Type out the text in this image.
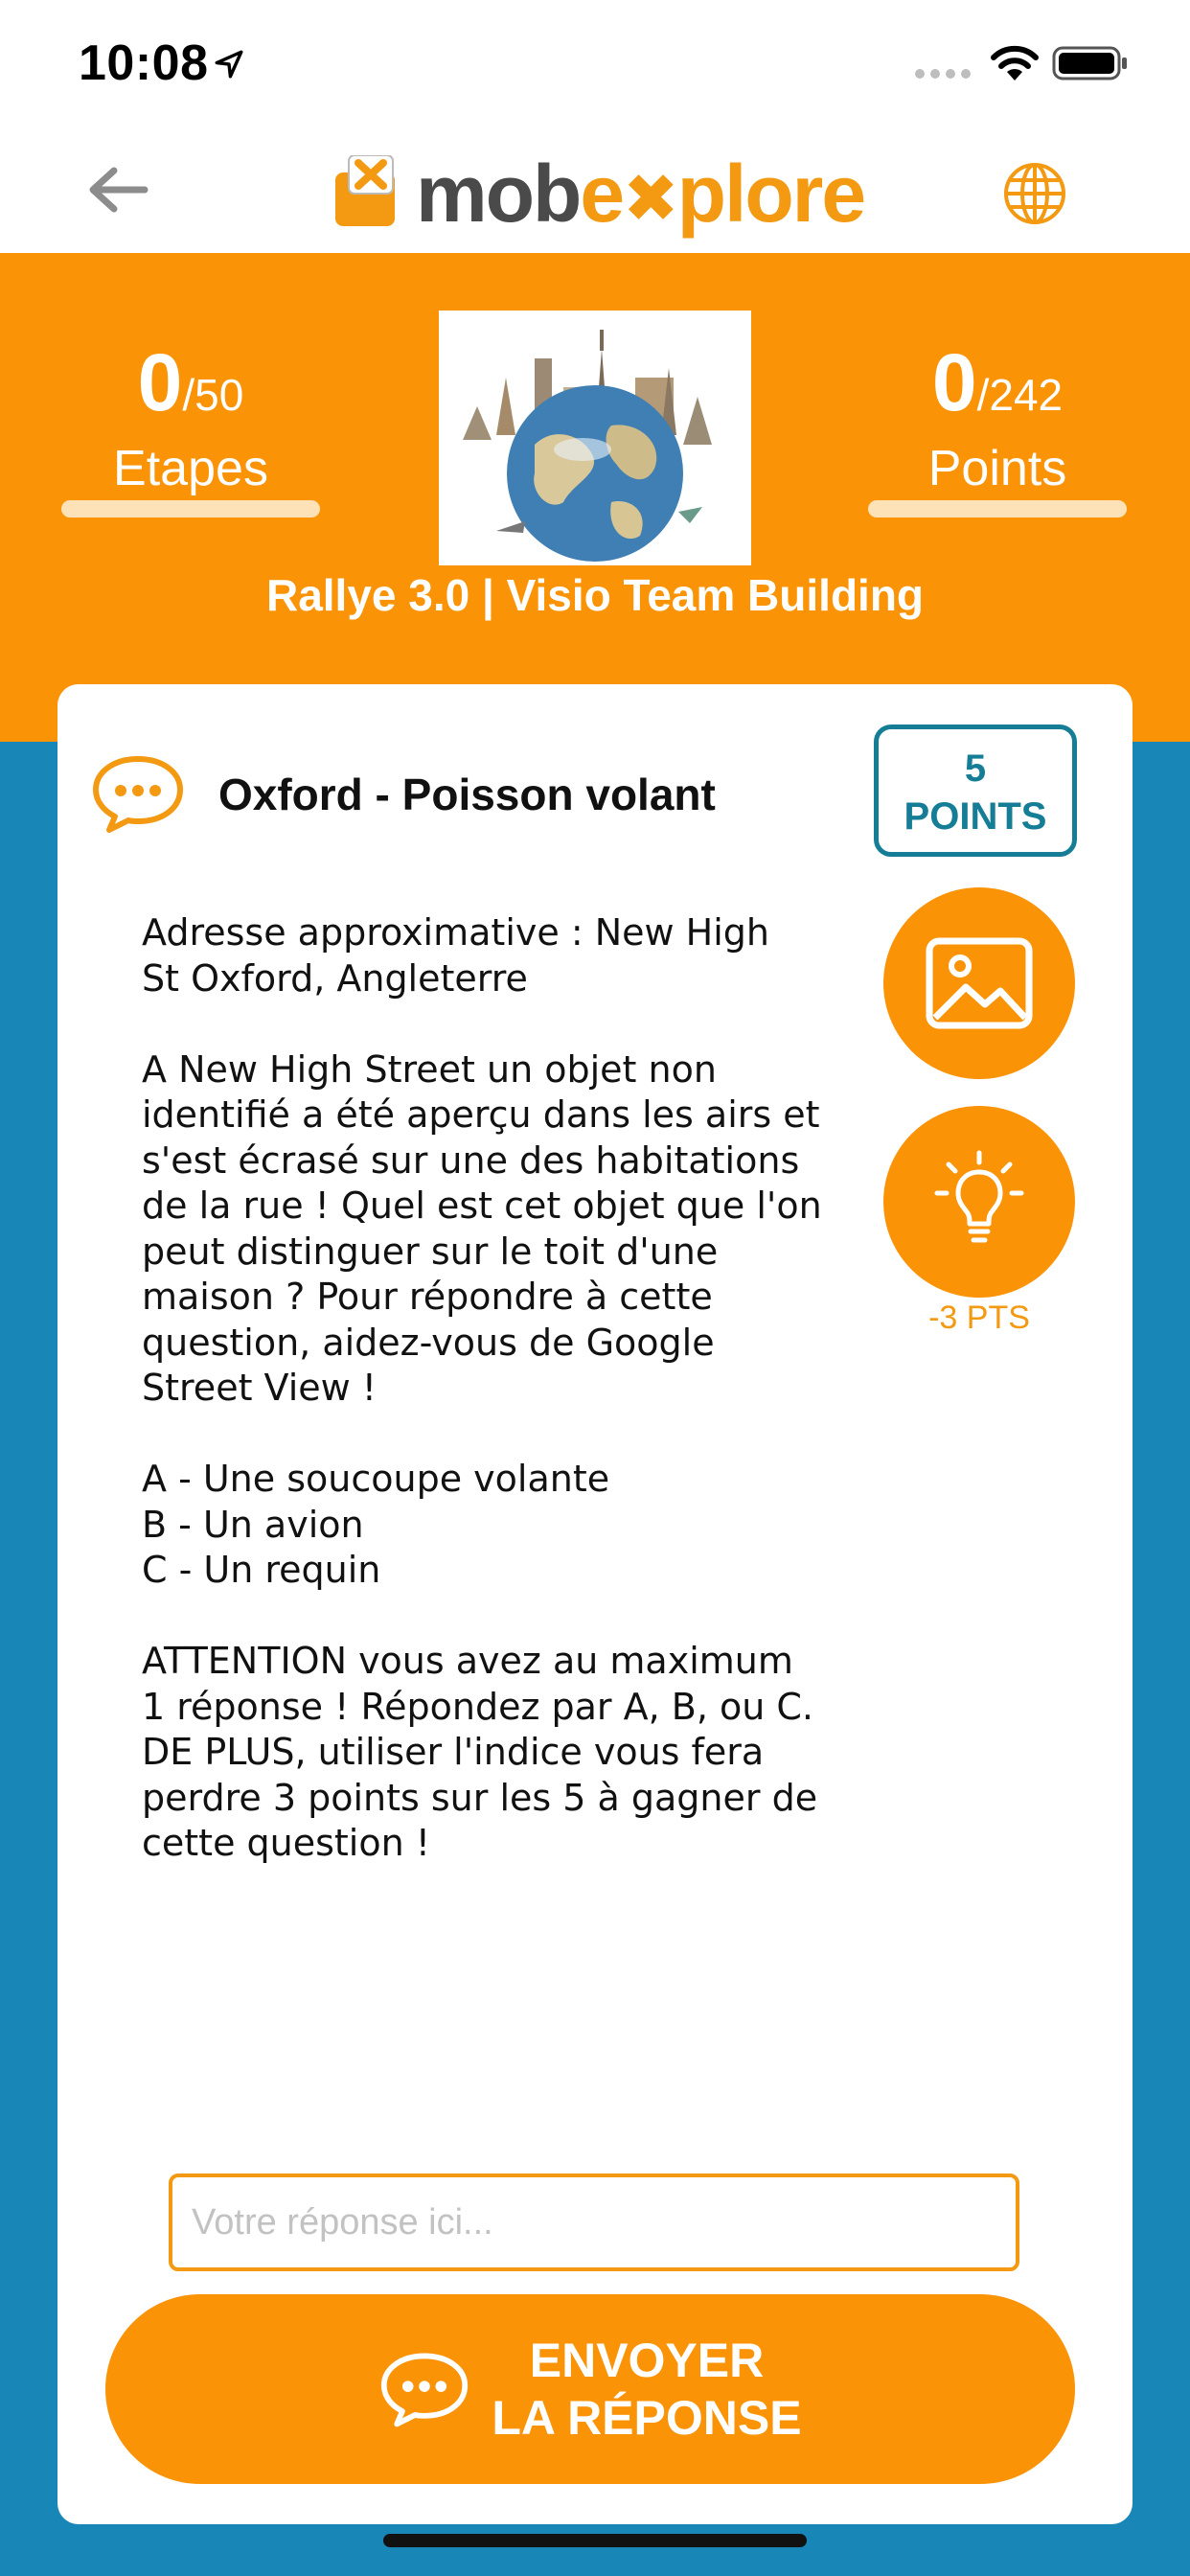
10:08
mobe✖plore
0/50
Etapes
0/242
Points
Rallye 3.0 | Visio Team Building
Oxford - Poisson volant
5
POINTS
-3 PTS
Adresse approximative : New High
St Oxford, Angleterre

A New High Street un objet non
identifié a été aperçu dans les airs et
s'est écrasé sur une des habitations
de la rue ! Quel est cet objet que l'on
peut distinguer sur le toit d'une
maison ? Pour répondre à cette
question, aidez-vous de Google
Street View !

A - Une soucoupe volante
B - Un avion
C - Un requin

ATTENTION vous avez au maximum
1 réponse ! Répondez par A, B, ou C.
DE PLUS, utiliser l'indice vous fera
perdre 3 points sur les 5 à gagner de
cette question !
Votre réponse ici...
ENVOYER
LA RÉPONSE
